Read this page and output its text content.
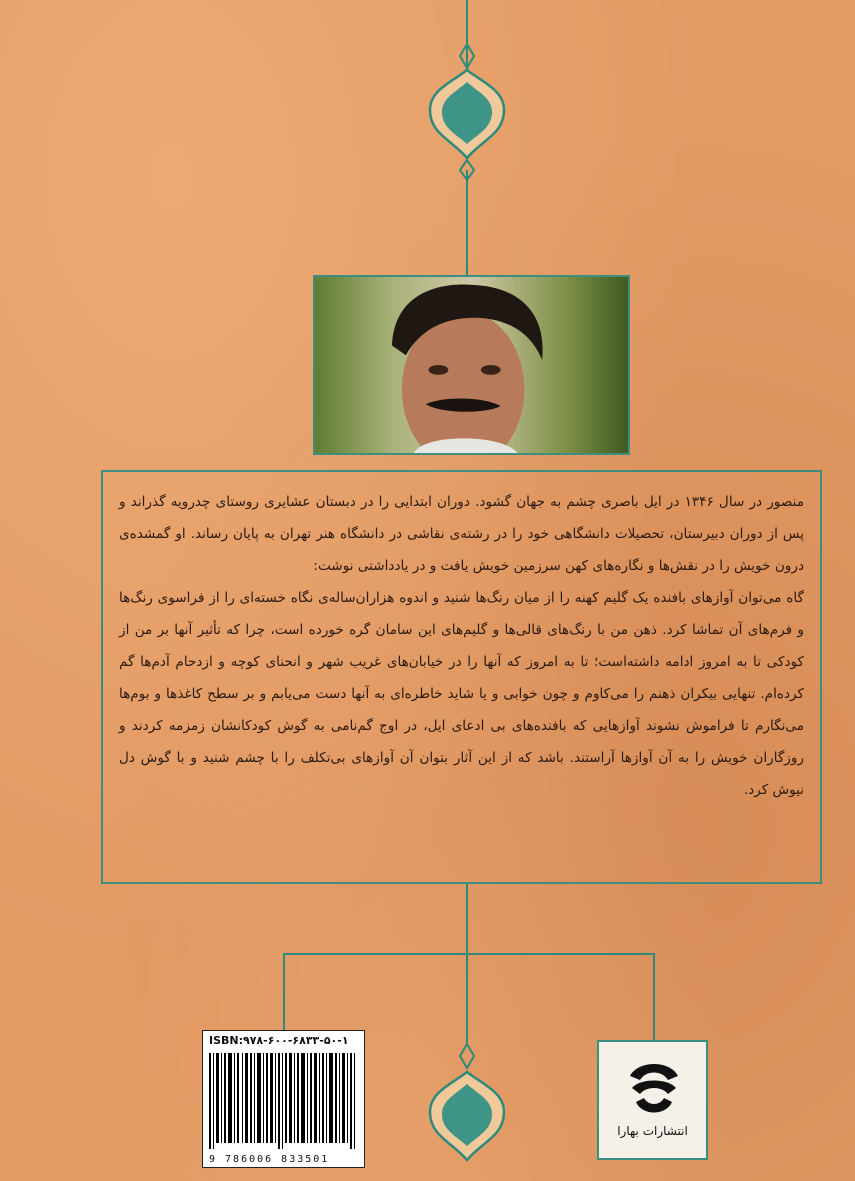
منصور در سال ۱۳۴۶ در ایل باصری چشم به جهان گشود. دوران ابتدایی را در دبستان عشایری روستای چدرویه گذراند و پس از دوران دبیرستان، تحصیلات دانشگاهی خود را در رشته‌ی نقاشی در دانشگاه هنر تهران به پایان رساند. او گمشده‌ی درون خویش را در نقش‌ها و نگاره‌های کهن سرزمین خویش یافت و در یادداشتی نوشت:

گاه می‌توان آوازهای بافنده یک گلیم کهنه را از میان رنگ‌ها شنید و اندوه هزاران‌ساله‌ی نگاه خسته‌ای را از فراسوی رنگ‌ها و فرم‌های آن تماشا کرد. ذهن من با رنگ‌های قالی‌ها و گلیم‌های این سامان گره خورده است، چرا که تأثیر آنها بر من از کودکی تا به امروز ادامه داشته‌است؛ تا به امروز که آنها را در خیابان‌های غریب شهر و انحنای کوچه و ازدحام آدم‌ها گم کرده‌ام. تنهایی بیکران ذهنم را می‌کاوم و چون خوابی و یا شاید خاطره‌ای به آنها دست می‌یابم و بر سطح کاغذها و بوم‌ها می‌نگارم تا فراموش نشوند آوازهایی که بافنده‌های بی ادعای ایل، در اوج گم‌نامی به گوش کودکانشان زمزمه کردند و روزگاران خویش را به آن آوازها آراستند. باشد که از این آثار بتوان آن آوازهای بی‌تکلف را با چشم شنید و با گوش دل نیوش کرد.

ISBN:۹۷۸-۶۰۰-۶۸۳۳-۵۰-۱
9 786006 833501
انتشارات بهارا
